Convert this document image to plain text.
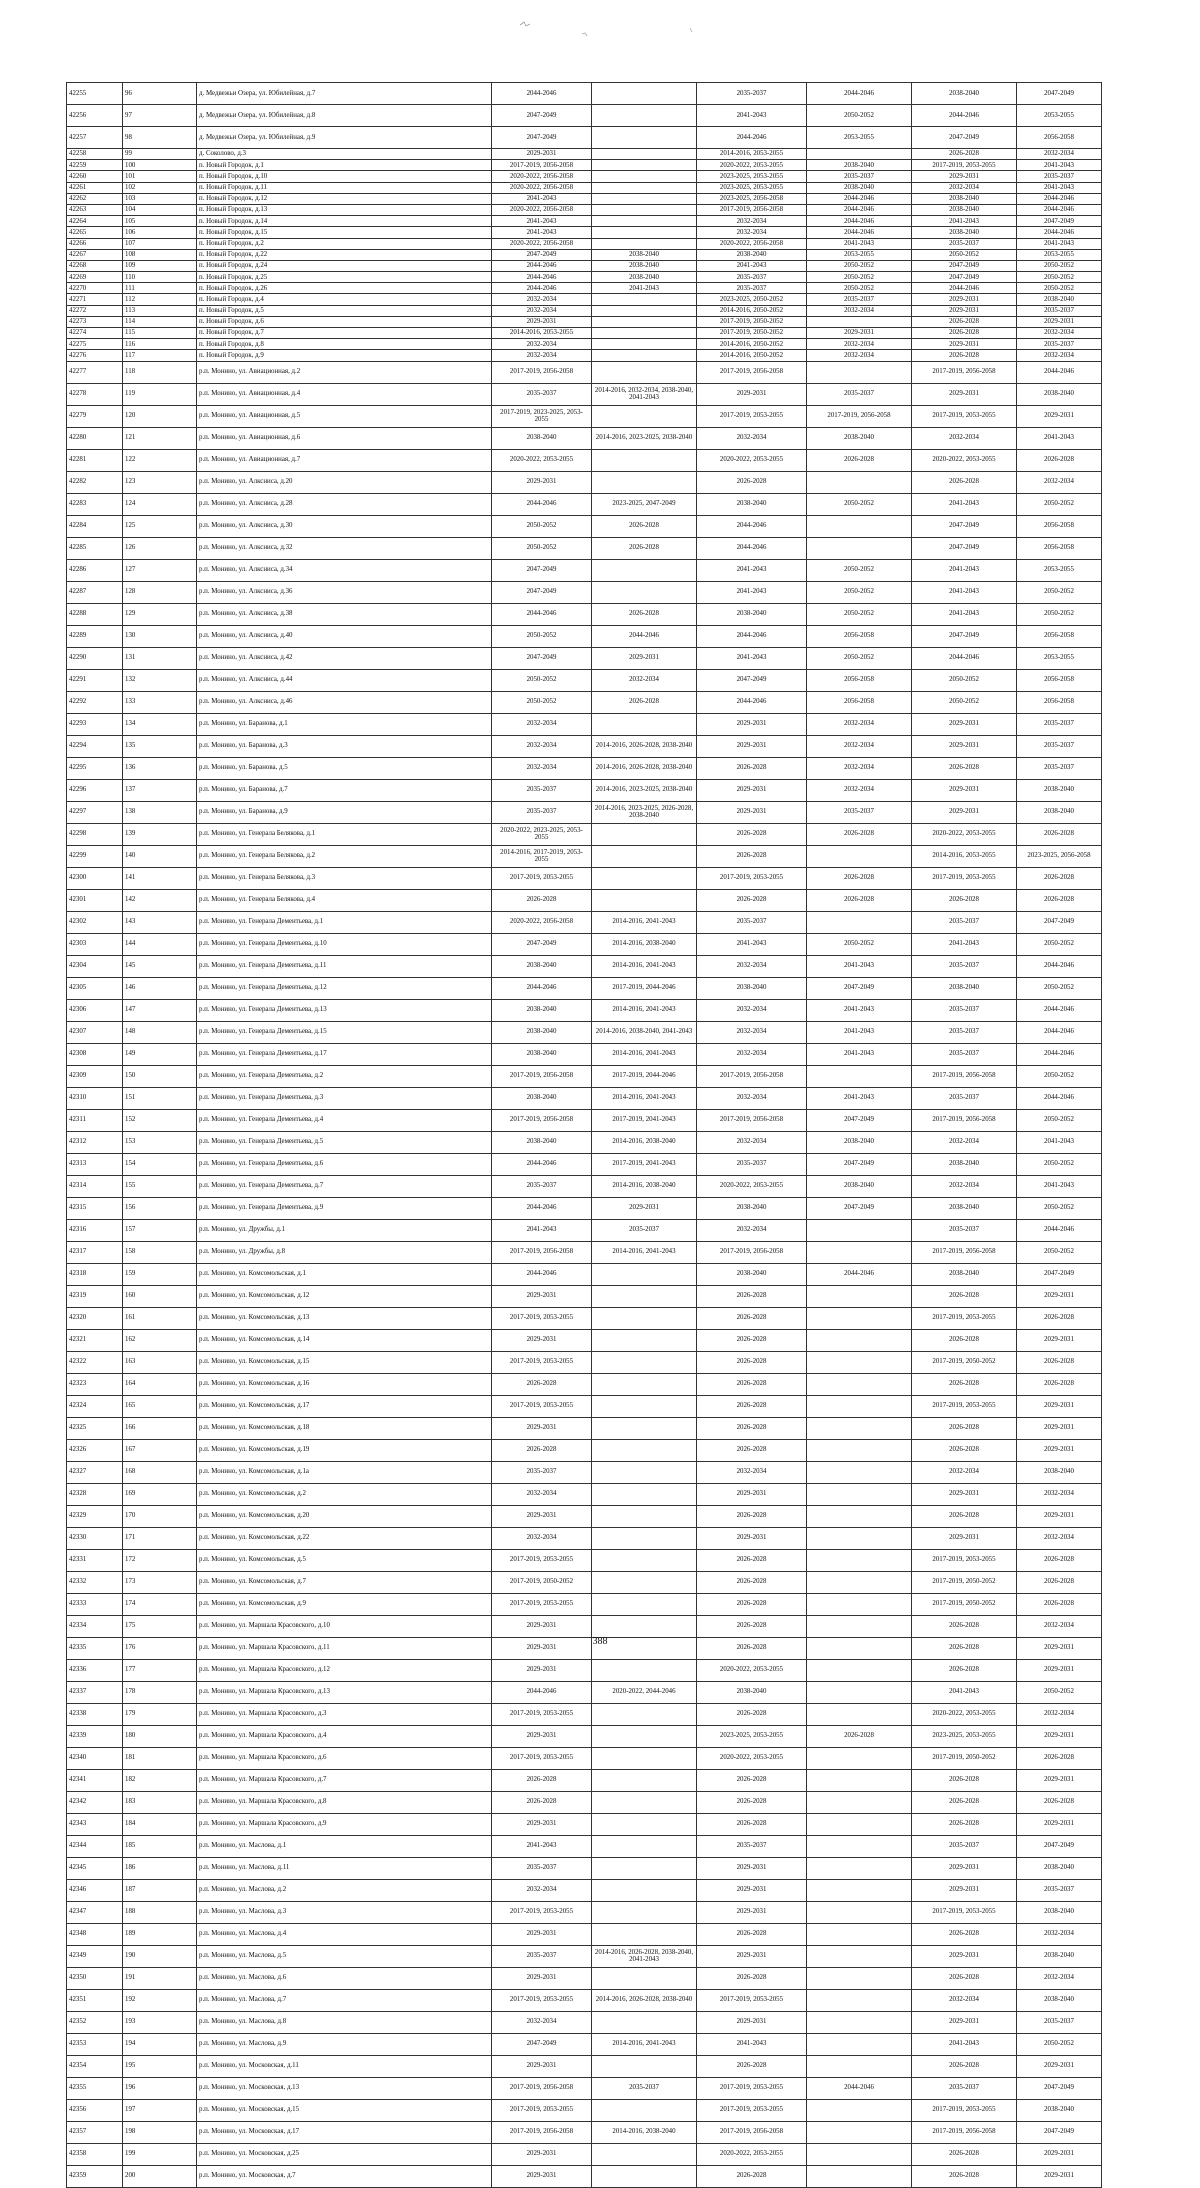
42255	96	д. Медвежьи Озера, ул. Юбилейная, д.7	2044-2046		2035-2037	2044-2046	2038-2040	2047-2049
42256	97	д. Медвежьи Озера, ул. Юбилейная, д.8	2047-2049		2041-2043	2050-2052	2044-2046	2053-2055
42257	98	д. Медвежьи Озера, ул. Юбилейная, д.9	2047-2049		2044-2046	2053-2055	2047-2049	2056-2058
42258	99	д. Соколово, д.3	2029-2031		2014-2016, 2053-2055		2026-2028	2032-2034
42259	100	п. Новый Городок, д.1	2017-2019, 2056-2058		2020-2022, 2053-2055	2038-2040	2017-2019, 2053-2055	2041-2043
42260	101	п. Новый Городок, д.10	2020-2022, 2056-2058		2023-2025, 2053-2055	2035-2037	2029-2031	2035-2037
42261	102	п. Новый Городок, д.11	2020-2022, 2056-2058		2023-2025, 2053-2055	2038-2040	2032-2034	2041-2043
42262	103	п. Новый Городок, д.12	2041-2043		2023-2025, 2056-2058	2044-2046	2038-2040	2044-2046
42263	104	п. Новый Городок, д.13	2020-2022, 2056-2058		2017-2019, 2056-2058	2044-2046	2038-2040	2044-2046
42264	105	п. Новый Городок, д.14	2041-2043		2032-2034	2044-2046	2041-2043	2047-2049
42265	106	п. Новый Городок, д.15	2041-2043		2032-2034	2044-2046	2038-2040	2044-2046
42266	107	п. Новый Городок, д.2	2020-2022, 2056-2058		2020-2022, 2056-2058	2041-2043	2035-2037	2041-2043
42267	108	п. Новый Городок, д.22	2047-2049	2038-2040	2038-2040	2053-2055	2050-2052	2053-2055
42268	109	п. Новый Городок, д.24	2044-2046	2038-2040	2041-2043	2050-2052	2047-2049	2050-2052
42269	110	п. Новый Городок, д.25	2044-2046	2038-2040	2035-2037	2050-2052	2047-2049	2050-2052
42270	111	п. Новый Городок, д.26	2044-2046	2041-2043	2035-2037	2050-2052	2044-2046	2050-2052
42271	112	п. Новый Городок, д.4	2032-2034		2023-2025, 2050-2052	2035-2037	2029-2031	2038-2040
42272	113	п. Новый Городок, д.5	2032-2034		2014-2016, 2050-2052	2032-2034	2029-2031	2035-2037
42273	114	п. Новый Городок, д.6	2029-2031		2017-2019, 2050-2052		2026-2028	2029-2031
42274	115	п. Новый Городок, д.7	2014-2016, 2053-2055		2017-2019, 2050-2052	2029-2031	2026-2028	2032-2034
42275	116	п. Новый Городок, д.8	2032-2034		2014-2016, 2050-2052	2032-2034	2029-2031	2035-2037
42276	117	п. Новый Городок, д.9	2032-2034		2014-2016, 2050-2052	2032-2034	2026-2028	2032-2034
42277	118	р.п. Монино, ул. Авиационная, д.2	2017-2019, 2056-2058		2017-2019, 2056-2058		2017-2019, 2056-2058	2044-2046
42278	119	р.п. Монино, ул. Авиационная, д.4	2035-2037	2014-2016, 2032-2034, 2038-2040, 2041-2043	2029-2031	2035-2037	2029-2031	2038-2040
42279	120	р.п. Монино, ул. Авиационная, д.5	2017-2019, 2023-2025, 2053-2055		2017-2019, 2053-2055	2017-2019, 2056-2058	2017-2019, 2053-2055	2029-2031
42280	121	р.п. Монино, ул. Авиационная, д.6	2038-2040	2014-2016, 2023-2025, 2038-2040	2032-2034	2038-2040	2032-2034	2041-2043
42281	122	р.п. Монино, ул. Авиационная, д.7	2020-2022, 2053-2055		2020-2022, 2053-2055	2026-2028	2020-2022, 2053-2055	2026-2028
42282	123	р.п. Монино, ул. Алксниса, д.20	2029-2031		2026-2028		2026-2028	2032-2034
42283	124	р.п. Монино, ул. Алксниса, д.28	2044-2046	2023-2025, 2047-2049	2038-2040	2050-2052	2041-2043	2050-2052
42284	125	р.п. Монино, ул. Алксниса, д.30	2050-2052	2026-2028	2044-2046		2047-2049	2056-2058
42285	126	р.п. Монино, ул. Алксниса, д.32	2050-2052	2026-2028	2044-2046		2047-2049	2056-2058
42286	127	р.п. Монино, ул. Алксниса, д.34	2047-2049		2041-2043	2050-2052	2041-2043	2053-2055
42287	128	р.п. Монино, ул. Алксниса, д.36	2047-2049		2041-2043	2050-2052	2041-2043	2050-2052
42288	129	р.п. Монино, ул. Алксниса, д.38	2044-2046	2026-2028	2038-2040	2050-2052	2041-2043	2050-2052
42289	130	р.п. Монино, ул. Алксниса, д.40	2050-2052	2044-2046	2044-2046	2056-2058	2047-2049	2056-2058
42290	131	р.п. Монино, ул. Алксниса, д.42	2047-2049	2029-2031	2041-2043	2050-2052	2044-2046	2053-2055
42291	132	р.п. Монино, ул. Алксниса, д.44	2050-2052	2032-2034	2047-2049	2056-2058	2050-2052	2056-2058
42292	133	р.п. Монино, ул. Алксниса, д.46	2050-2052	2026-2028	2044-2046	2056-2058	2050-2052	2056-2058
42293	134	р.п. Монино, ул. Баранова, д.1	2032-2034		2029-2031	2032-2034	2029-2031	2035-2037
42294	135	р.п. Монино, ул. Баранова, д.3	2032-2034	2014-2016, 2026-2028, 2038-2040	2029-2031	2032-2034	2029-2031	2035-2037
42295	136	р.п. Монино, ул. Баранова, д.5	2032-2034	2014-2016, 2026-2028, 2038-2040	2026-2028	2032-2034	2026-2028	2035-2037
42296	137	р.п. Монино, ул. Баранова, д.7	2035-2037	2014-2016, 2023-2025, 2038-2040	2029-2031	2032-2034	2029-2031	2038-2040
42297	138	р.п. Монино, ул. Баранова, д.9	2035-2037	2014-2016, 2023-2025, 2026-2028, 2038-2040	2029-2031	2035-2037	2029-2031	2038-2040
42298	139	р.п. Монино, ул. Генерала Белякова, д.1	2020-2022, 2023-2025, 2053-2055		2026-2028	2026-2028	2020-2022, 2053-2055	2026-2028
42299	140	р.п. Монино, ул. Генерала Белякова, д.2	2014-2016, 2017-2019, 2053-2055		2026-2028		2014-2016, 2053-2055	2023-2025, 2056-2058
42300	141	р.п. Монино, ул. Генерала Белякова, д.3	2017-2019, 2053-2055		2017-2019, 2053-2055	2026-2028	2017-2019, 2053-2055	2026-2028
42301	142	р.п. Монино, ул. Генерала Белякова, д.4	2026-2028		2026-2028	2026-2028	2026-2028	2026-2028
42302	143	р.п. Монино, ул. Генерала Дементьева, д.1	2020-2022, 2056-2058	2014-2016, 2041-2043	2035-2037		2035-2037	2047-2049
42303	144	р.п. Монино, ул. Генерала Дементьева, д.10	2047-2049	2014-2016, 2038-2040	2041-2043	2050-2052	2041-2043	2050-2052
42304	145	р.п. Монино, ул. Генерала Дементьева, д.11	2038-2040	2014-2016, 2041-2043	2032-2034	2041-2043	2035-2037	2044-2046
42305	146	р.п. Монино, ул. Генерала Дементьева, д.12	2044-2046	2017-2019, 2044-2046	2038-2040	2047-2049	2038-2040	2050-2052
42306	147	р.п. Монино, ул. Генерала Дементьева, д.13	2038-2040	2014-2016, 2041-2043	2032-2034	2041-2043	2035-2037	2044-2046
42307	148	р.п. Монино, ул. Генерала Дементьева, д.15	2038-2040	2014-2016, 2038-2040, 2041-2043	2032-2034	2041-2043	2035-2037	2044-2046
42308	149	р.п. Монино, ул. Генерала Дементьева, д.17	2038-2040	2014-2016, 2041-2043	2032-2034	2041-2043	2035-2037	2044-2046
42309	150	р.п. Монино, ул. Генерала Дементьева, д.2	2017-2019, 2056-2058	2017-2019, 2044-2046	2017-2019, 2056-2058		2017-2019, 2056-2058	2050-2052
42310	151	р.п. Монино, ул. Генерала Дементьева, д.3	2038-2040	2014-2016, 2041-2043	2032-2034	2041-2043	2035-2037	2044-2046
42311	152	р.п. Монино, ул. Генерала Дементьева, д.4	2017-2019, 2056-2058	2017-2019, 2041-2043	2017-2019, 2056-2058	2047-2049	2017-2019, 2056-2058	2050-2052
42312	153	р.п. Монино, ул. Генерала Дементьева, д.5	2038-2040	2014-2016, 2038-2040	2032-2034	2038-2040	2032-2034	2041-2043
42313	154	р.п. Монино, ул. Генерала Дементьева, д.6	2044-2046	2017-2019, 2041-2043	2035-2037	2047-2049	2038-2040	2050-2052
42314	155	р.п. Монино, ул. Генерала Дементьева, д.7	2035-2037	2014-2016, 2038-2040	2020-2022, 2053-2055	2038-2040	2032-2034	2041-2043
42315	156	р.п. Монино, ул. Генерала Дементьева, д.9	2044-2046	2029-2031	2038-2040	2047-2049	2038-2040	2050-2052
42316	157	р.п. Монино, ул. Дружбы, д.1	2041-2043	2035-2037	2032-2034		2035-2037	2044-2046
42317	158	р.п. Монино, ул. Дружбы, д.8	2017-2019, 2056-2058	2014-2016, 2041-2043	2017-2019, 2056-2058		2017-2019, 2056-2058	2050-2052
42318	159	р.п. Монино, ул. Комсомольская, д.1	2044-2046		2038-2040	2044-2046	2038-2040	2047-2049
42319	160	р.п. Монино, ул. Комсомольская, д.12	2029-2031		2026-2028		2026-2028	2029-2031
42320	161	р.п. Монино, ул. Комсомольская, д.13	2017-2019, 2053-2055		2026-2028		2017-2019, 2053-2055	2026-2028
42321	162	р.п. Монино, ул. Комсомольская, д.14	2029-2031		2026-2028		2026-2028	2029-2031
42322	163	р.п. Монино, ул. Комсомольская, д.15	2017-2019, 2053-2055		2026-2028		2017-2019, 2050-2052	2026-2028
42323	164	р.п. Монино, ул. Комсомольская, д.16	2026-2028		2026-2028		2026-2028	2026-2028
42324	165	р.п. Монино, ул. Комсомольская, д.17	2017-2019, 2053-2055		2026-2028		2017-2019, 2053-2055	2029-2031
42325	166	р.п. Монино, ул. Комсомольская, д.18	2029-2031		2026-2028		2026-2028	2029-2031
42326	167	р.п. Монино, ул. Комсомольская, д.19	2026-2028		2026-2028		2026-2028	2029-2031
42327	168	р.п. Монино, ул. Комсомольская, д.1а	2035-2037		2032-2034		2032-2034	2038-2040
42328	169	р.п. Монино, ул. Комсомольская, д.2	2032-2034		2029-2031		2029-2031	2032-2034
42329	170	р.п. Монино, ул. Комсомольская, д.20	2029-2031		2026-2028		2026-2028	2029-2031
42330	171	р.п. Монино, ул. Комсомольская, д.22	2032-2034		2029-2031		2029-2031	2032-2034
42331	172	р.п. Монино, ул. Комсомольская, д.5	2017-2019, 2053-2055		2026-2028		2017-2019, 2053-2055	2026-2028
42332	173	р.п. Монино, ул. Комсомольская, д.7	2017-2019, 2050-2052		2026-2028		2017-2019, 2050-2052	2026-2028
42333	174	р.п. Монино, ул. Комсомольская, д.9	2017-2019, 2053-2055		2026-2028		2017-2019, 2050-2052	2026-2028
42334	175	р.п. Монино, ул. Маршала Красовского, д.10	2029-2031		2026-2028		2026-2028	2032-2034
42335	176	р.п. Монино, ул. Маршала Красовского, д.11	2029-2031		2026-2028		2026-2028	2029-2031
42336	177	р.п. Монино, ул. Маршала Красовского, д.12	2029-2031		2020-2022, 2053-2055		2026-2028	2029-2031
42337	178	р.п. Монино, ул. Маршала Красовского, д.13	2044-2046	2020-2022, 2044-2046	2038-2040		2041-2043	2050-2052
42338	179	р.п. Монино, ул. Маршала Красовского, д.3	2017-2019, 2053-2055		2026-2028		2020-2022, 2053-2055	2032-2034
42339	180	р.п. Монино, ул. Маршала Красовского, д.4	2029-2031		2023-2025, 2053-2055	2026-2028	2023-2025, 2053-2055	2029-2031
42340	181	р.п. Монино, ул. Маршала Красовского, д.6	2017-2019, 2053-2055		2020-2022, 2053-2055		2017-2019, 2050-2052	2026-2028
42341	182	р.п. Монино, ул. Маршала Красовского, д.7	2026-2028		2026-2028		2026-2028	2029-2031
42342	183	р.п. Монино, ул. Маршала Красовского, д.8	2026-2028		2026-2028		2026-2028	2026-2028
42343	184	р.п. Монино, ул. Маршала Красовского, д.9	2029-2031		2026-2028		2026-2028	2029-2031
42344	185	р.п. Монино, ул. Маслова, д.1	2041-2043		2035-2037		2035-2037	2047-2049
42345	186	р.п. Монино, ул. Маслова, д.11	2035-2037		2029-2031		2029-2031	2038-2040
42346	187	р.п. Монино, ул. Маслова, д.2	2032-2034		2029-2031		2029-2031	2035-2037
42347	188	р.п. Монино, ул. Маслова, д.3	2017-2019, 2053-2055		2029-2031		2017-2019, 2053-2055	2038-2040
42348	189	р.п. Монино, ул. Маслова, д.4	2029-2031		2026-2028		2026-2028	2032-2034
42349	190	р.п. Монино, ул. Маслова, д.5	2035-2037	2014-2016, 2026-2028, 2038-2040, 2041-2043	2029-2031		2029-2031	2038-2040
42350	191	р.п. Монино, ул. Маслова, д.6	2029-2031		2026-2028		2026-2028	2032-2034
42351	192	р.п. Монино, ул. Маслова, д.7	2017-2019, 2053-2055	2014-2016, 2026-2028, 2038-2040	2017-2019, 2053-2055		2032-2034	2038-2040
42352	193	р.п. Монино, ул. Маслова, д.8	2032-2034		2029-2031		2029-2031	2035-2037
42353	194	р.п. Монино, ул. Маслова, д.9	2047-2049	2014-2016, 2041-2043	2041-2043		2041-2043	2050-2052
42354	195	р.п. Монино, ул. Московская, д.11	2029-2031		2026-2028		2026-2028	2029-2031
42355	196	р.п. Монино, ул. Московская, д.13	2017-2019, 2056-2058	2035-2037	2017-2019, 2053-2055	2044-2046	2035-2037	2047-2049
42356	197	р.п. Монино, ул. Московская, д.15	2017-2019, 2053-2055		2017-2019, 2053-2055		2017-2019, 2053-2055	2038-2040
42357	198	р.п. Монино, ул. Московская, д.17	2017-2019, 2056-2058	2014-2016, 2038-2040	2017-2019, 2056-2058		2017-2019, 2056-2058	2047-2049
42358	199	р.п. Монино, ул. Московская, д.25	2029-2031		2020-2022, 2053-2055		2026-2028	2029-2031
42359	200	р.п. Монино, ул. Московская, д.7	2029-2031		2026-2028		2026-2028	2029-2031
388
